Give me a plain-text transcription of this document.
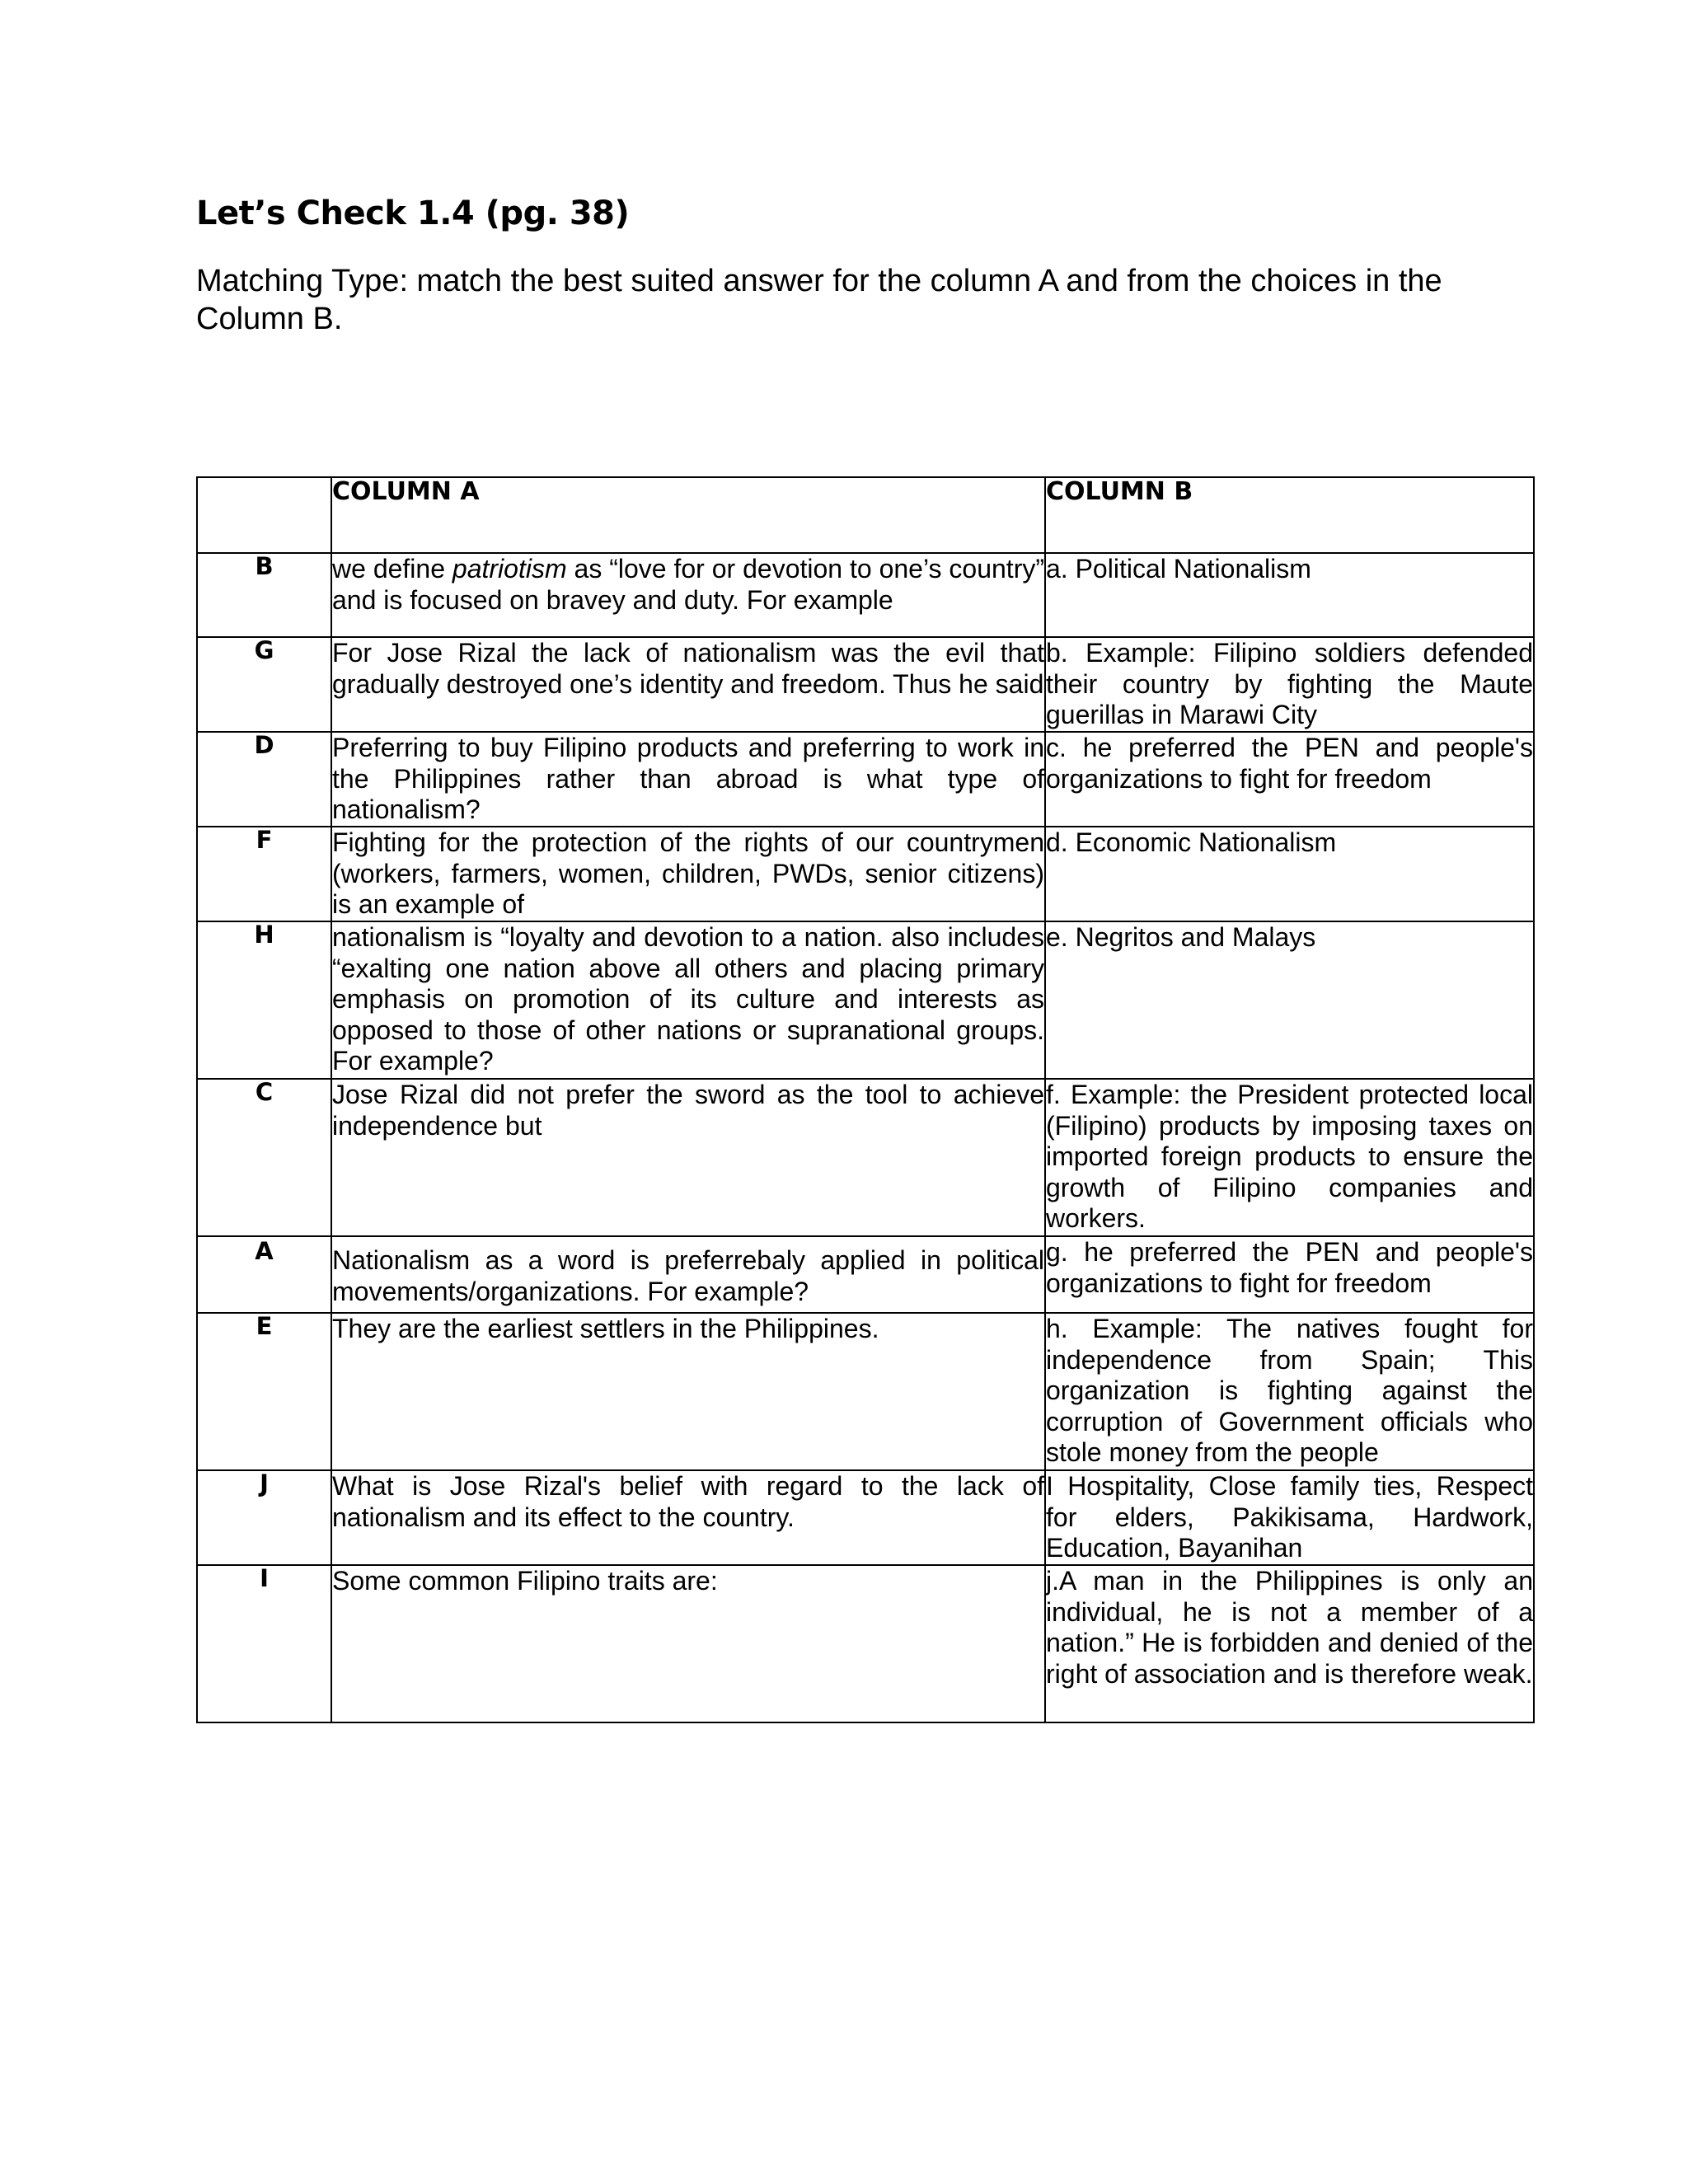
Let’s Check 1.4 (pg. 38)

Matching Type: match the best suited answer for the column A and from the choices in the Column B.

	COLUMN A	COLUMN B
B	we define patriotism as “love for or devotion to one’s country” and is focused on bravey and duty. For example	a. Political Nationalism

G	For Jose Rizal the lack of nationalism was the evil that gradually destroyed one’s identity and freedom. Thus he said	b. Example: Filipino soldiers defended their country by fighting the Maute guerillas in Marawi City

D	Preferring to buy Filipino products and preferring to work in the Philippines rather than abroad is what type of nationalism?	c. he preferred the PEN and people's organizations to fight for freedom

F	Fighting for the protection of the rights of our countrymen (workers, farmers, women, children, PWDs, senior citizens) is an example of	d. Economic Nationalism

H	nationalism is “loyalty and devotion to a nation. also includes “exalting one nation above all others and placing primary emphasis on promotion of its culture and interests as opposed to those of other nations or supranational groups. For example?	e. Negritos and Malays

C	Jose Rizal did not prefer the sword as the tool to achieve independence but	f. Example: the President protected local (Filipino) products by imposing taxes on imported foreign products to ensure the growth of Filipino companies and workers.

A	Nationalism as a word is preferrebaly applied in political movements/organizations. For example?	g. he preferred the PEN and people's organizations to fight for freedom

E	They are the earliest settlers in the Philippines.	h. Example: The natives fought for independence from Spain; This organization is fighting against the corruption of Government officials who stole money from the people

J	What is Jose Rizal's belief with regard to the lack of nationalism and its effect to the country.	I Hospitality, Close family ties, Respect for elders, Pakikisama, Hardwork, Education, Bayanihan

I	Some common Filipino traits are:	j.A man in the Philippines is only an individual, he is not a member of a nation.” He is forbidden and denied of the right of association and is therefore weak.
